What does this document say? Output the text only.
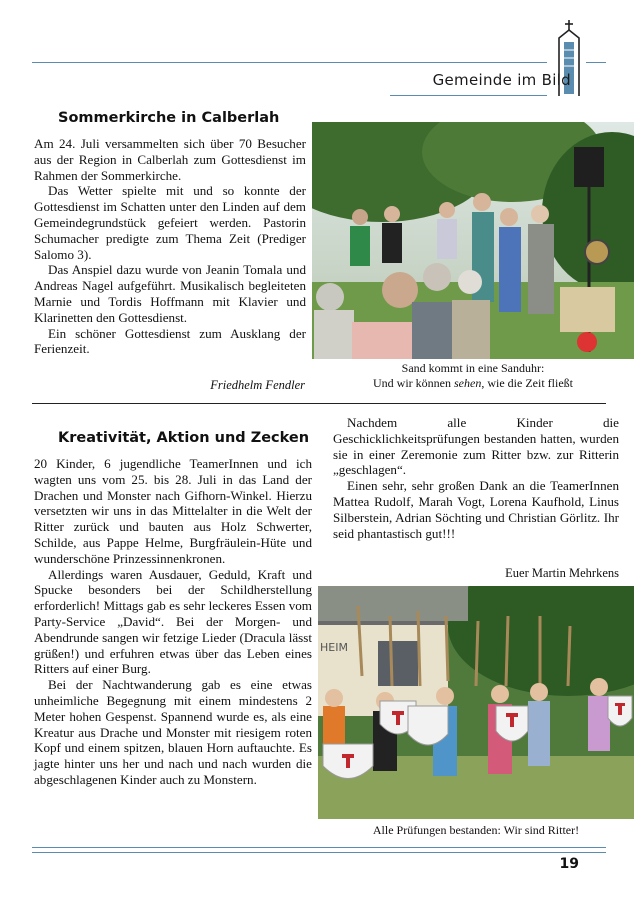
Gemeinde im Bild
Sommerkirche in Calberlah

Am 24. Juli versammelten sich über 70 Besucher aus der Region in Calberlah zum Gottesdienst im Rahmen der Sommerkirche.

Das Wetter spielte mit und so konnte der Gottesdienst im Schatten unter den Linden auf dem Gemeindegrundstück gefeiert werden. Pastorin Schumacher predigte zum Thema Zeit (Prediger Salomo 3).

Das Anspiel dazu wurde von Jeanin Tomala und Andreas Nagel aufgeführt. Musikalisch begleiteten Marnie und Tordis Hoffmann mit Klavier und Klarinetten den Gottesdienst.

Ein schöner Gottesdienst zum Ausklang der Ferienzeit.

Friedhelm Fendler
Sand kommt in eine Sanduhr:
Und wir können sehen, wie die Zeit fließt
Kreativität, Aktion und Zecken

20 Kinder, 6 jugendliche TeamerInnen und ich wagten uns vom 25. bis 28. Juli in das Land der Drachen und Monster nach Gifhorn-Winkel. Hierzu versetzten wir uns in das Mittelalter in die Welt der Ritter zurück und bauten aus Holz Schwerter, Schilde, aus Pappe Helme, Burgfräulein-Hüte und wunderschöne Prinzessinnenkronen.

Allerdings waren Ausdauer, Geduld, Kraft und Spucke besonders bei der Schildherstellung erforderlich! Mittags gab es sehr leckeres Essen vom Party-Service „David“. Bei der Morgen- und Abendrunde sangen wir fetzige Lieder (Dracula lässt grüßen!) und erfuhren etwas über das Leben eines Ritters auf einer Burg.

Bei der Nachtwanderung gab es eine etwas unheimliche Begegnung mit einem mindestens 2 Meter hohen Gespenst. Spannend wurde es, als eine Kreatur aus Drache und Monster mit riesigem roten Kopf und einem spitzen, blauen Horn auftauchte. Es jagte hinter uns her und nach und nach wurden die abgeschlagenen Kinder auch zu Monstern.

Nachdem alle Kinder die Geschicklichkeitsprüfungen bestanden hatten, wurden sie in einer Zeremonie zum Ritter bzw. zur Ritterin „geschlagen“.

Einen sehr, sehr großen Dank an die TeamerInnen Mattea Rudolf, Marah Vogt, Lorena Kaufhold, Linus Silberstein, Adrian Söchting und Christian Görlitz. Ihr seid phantastisch gut!!!

Euer Martin Mehrkens
HEIM
Alle Prüfungen bestanden: Wir sind Ritter!
19
